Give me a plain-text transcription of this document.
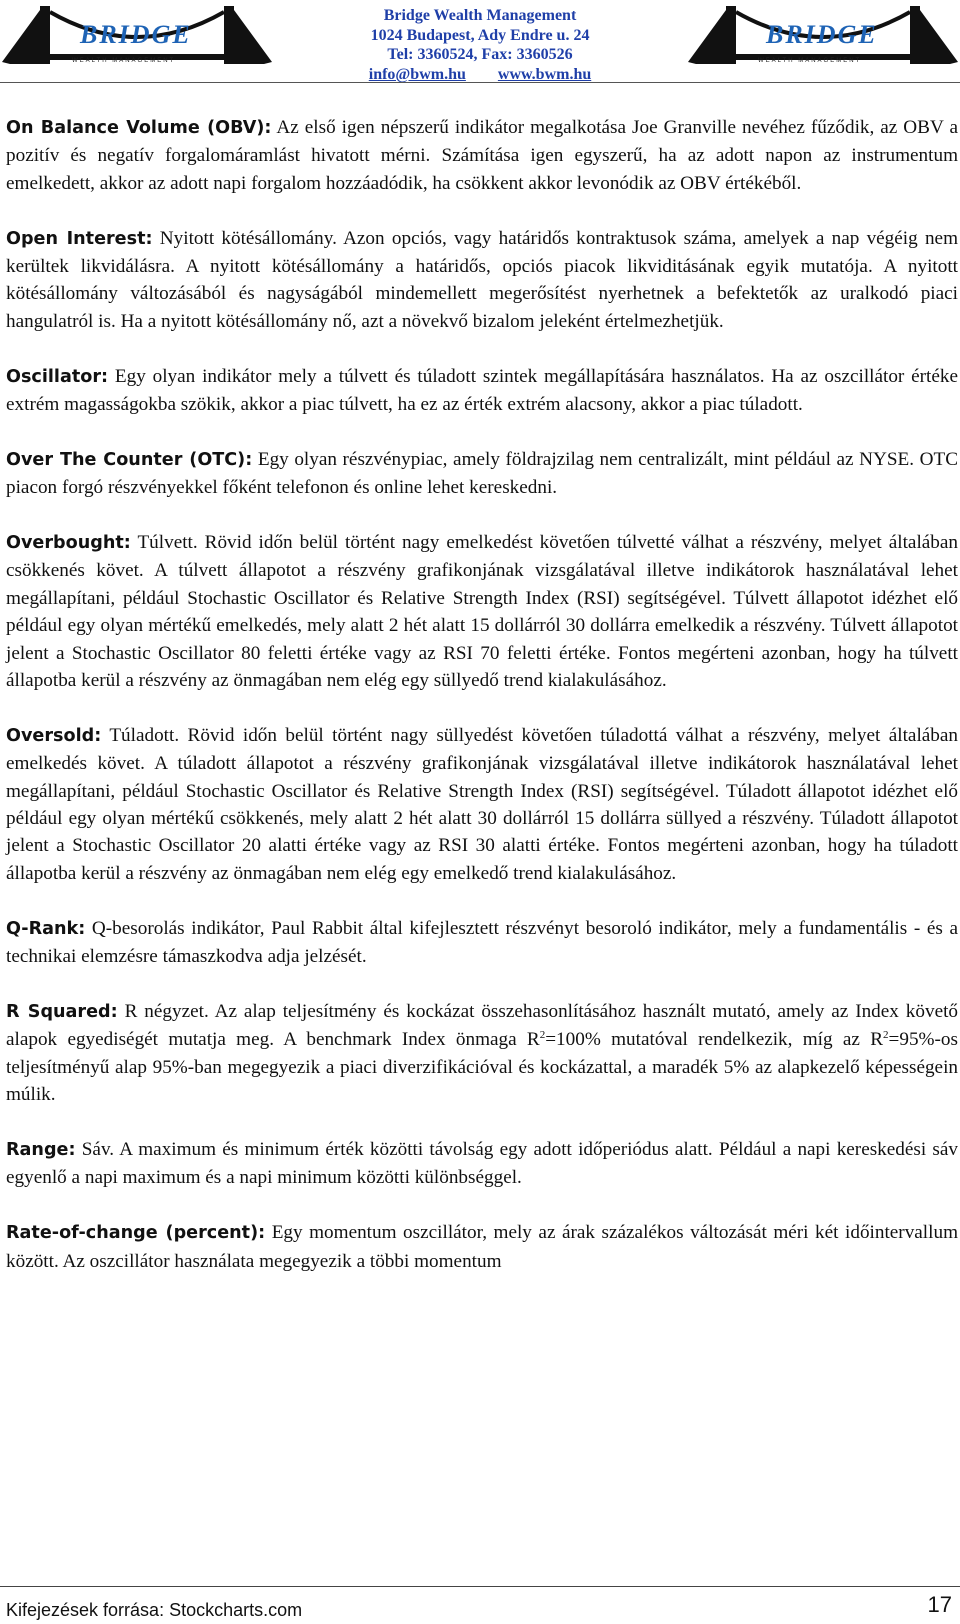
BRIDGE
WEALTH MANAGEMENT
Bridge Wealth Management
1024 Budapest, Ady Endre u. 24
Tel: 3360524, Fax: 3360526
info@bwm.hu www.bwm.hu
BRIDGE
WEALTH MANAGEMENT

On Balance Volume (OBV): Az első igen népszerű indikátor megalkotása Joe Granville nevéhez fűződik, az OBV a pozitív és negatív forgalomáramlást hivatott mérni. Számítása igen egyszerű, ha az adott napon az instrumentum emelkedett, akkor az adott napi forgalom hozzáadódik, ha csökkent akkor levonódik az OBV értékéből.

Open Interest: Nyitott kötésállomány. Azon opciós, vagy határidős kontraktusok száma, amelyek a nap végéig nem kerültek likvidálásra. A nyitott kötésállomány a határidős, opciós piacok likviditásának egyik mutatója. A nyitott kötésállomány változásából és nagyságából mindemellett megerősítést nyerhetnek a befektetők az uralkodó piaci hangulatról is. Ha a nyitott kötésállomány nő, azt a növekvő bizalom jeleként értelmezhetjük.

Oscillator: Egy olyan indikátor mely a túlvett és túladott szintek megállapítására használatos. Ha az oszcillátor értéke extrém magasságokba szökik, akkor a piac túlvett, ha ez az érték extrém alacsony, akkor a piac túladott.

Over The Counter (OTC): Egy olyan részvénypiac, amely földrajzilag nem centralizált, mint például az NYSE. OTC piacon forgó részvényekkel főként telefonon és online lehet kereskedni.

Overbought: Túlvett. Rövid időn belül történt nagy emelkedést követően túlvetté válhat a részvény, melyet általában csökkenés követ. A túlvett állapotot a részvény grafikonjának vizsgálatával illetve indikátorok használatával lehet megállapítani, például Stochastic Oscillator és Relative Strength Index (RSI) segítségével. Túlvett állapotot idézhet elő például egy olyan mértékű emelkedés, mely alatt 2 hét alatt 15 dollárról 30 dollárra emelkedik a részvény. Túlvett állapotot jelent a Stochastic Oscillator 80 feletti értéke vagy az RSI 70 feletti értéke. Fontos megérteni azonban, hogy ha túlvett állapotba kerül a részvény az önmagában nem elég egy süllyedő trend kialakulásához.

Oversold: Túladott. Rövid időn belül történt nagy süllyedést követően túladottá válhat a részvény, melyet általában emelkedés követ. A túladott állapotot a részvény grafikonjának vizsgálatával illetve indikátorok használatával lehet megállapítani, például Stochastic Oscillator és Relative Strength Index (RSI) segítségével. Túladott állapotot idézhet elő például egy olyan mértékű csökkenés, mely alatt 2 hét alatt 30 dollárról 15 dollárra süllyed a részvény. Túladott állapotot jelent a Stochastic Oscillator 20 alatti értéke vagy az RSI 30 alatti értéke. Fontos megérteni azonban, hogy ha túladott állapotba kerül a részvény az önmagában nem elég egy emelkedő trend kialakulásához.

Q-Rank: Q-besorolás indikátor, Paul Rabbit által kifejlesztett részvényt besoroló indikátor, mely a fundamentális - és a technikai elemzésre támaszkodva adja jelzését.

R Squared: R négyzet. Az alap teljesítmény és kockázat összehasonlításához használt mutató, amely az Index követő alapok egyediségét mutatja meg. A benchmark Index önmaga $R^2=100\%$ mutatóval rendelkezik, míg az $R^2=95\%-os$ teljesítményű alap 95%-ban megegyezik a piaci diverzifikációval és kockázattal, a maradék 5% az alapkezelő képességein múlik.

Range: Sáv. A maximum és minimum érték közötti távolság egy adott időperiódus alatt. Például a napi kereskedési sáv egyenlő a napi maximum és a napi minimum közötti különbséggel.

Rate-of-change (percent): Egy momentum oszcillátor, mely az árak százalékos változását méri két időintervallum között. Az oszcillátor használata megegyezik a többi momentum

Kifejezések forrása: Stockcharts.com	17
